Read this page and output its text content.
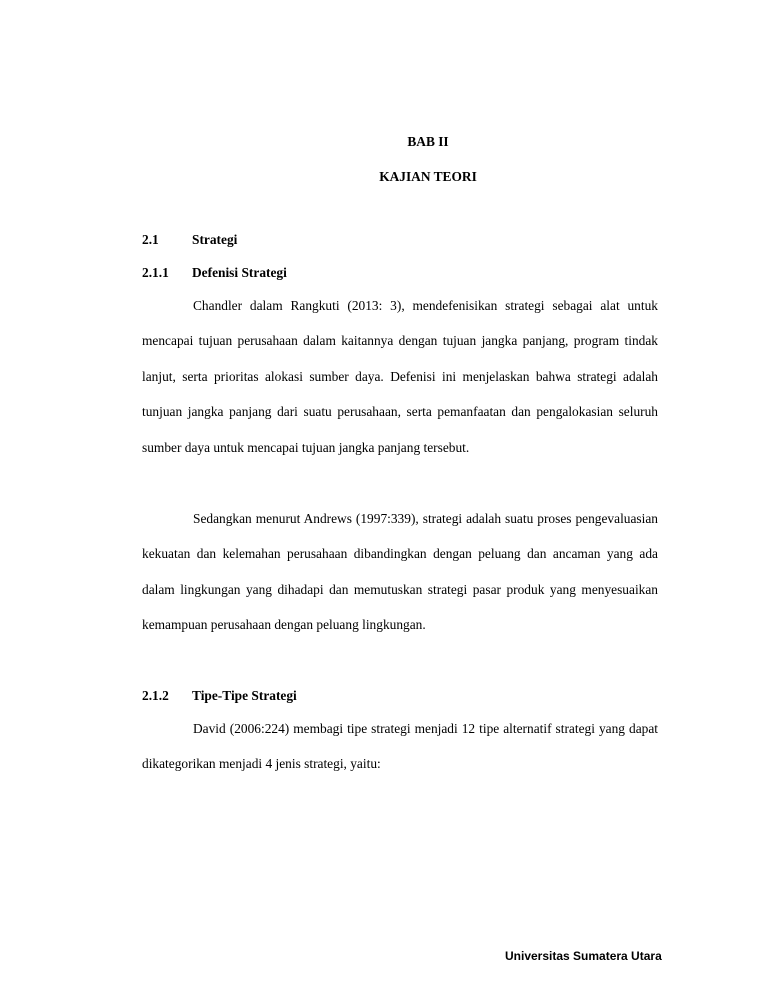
BAB II
KAJIAN TEORI
2.1 Strategi
2.1.1 Defenisi Strategi

Chandler dalam Rangkuti (2013: 3), mendefenisikan strategi sebagai alat untuk mencapai tujuan perusahaan dalam kaitannya dengan tujuan jangka panjang, program tindak lanjut, serta prioritas alokasi sumber daya. Defenisi ini menjelaskan bahwa strategi adalah tunjuan jangka panjang dari suatu perusahaan, serta pemanfaatan dan pengalokasian seluruh sumber daya untuk mencapai tujuan jangka panjang tersebut.

Sedangkan menurut Andrews (1997:339), strategi adalah suatu proses pengevaluasian kekuatan dan kelemahan perusahaan dibandingkan dengan peluang dan ancaman yang ada dalam lingkungan yang dihadapi dan memutuskan strategi pasar produk yang menyesuaikan kemampuan perusahaan dengan peluang lingkungan.

2.1.2 Tipe-Tipe Strategi

David (2006:224) membagi tipe strategi menjadi 12 tipe alternatif strategi yang dapat dikategorikan menjadi 4 jenis strategi, yaitu:

Universitas Sumatera Utara
